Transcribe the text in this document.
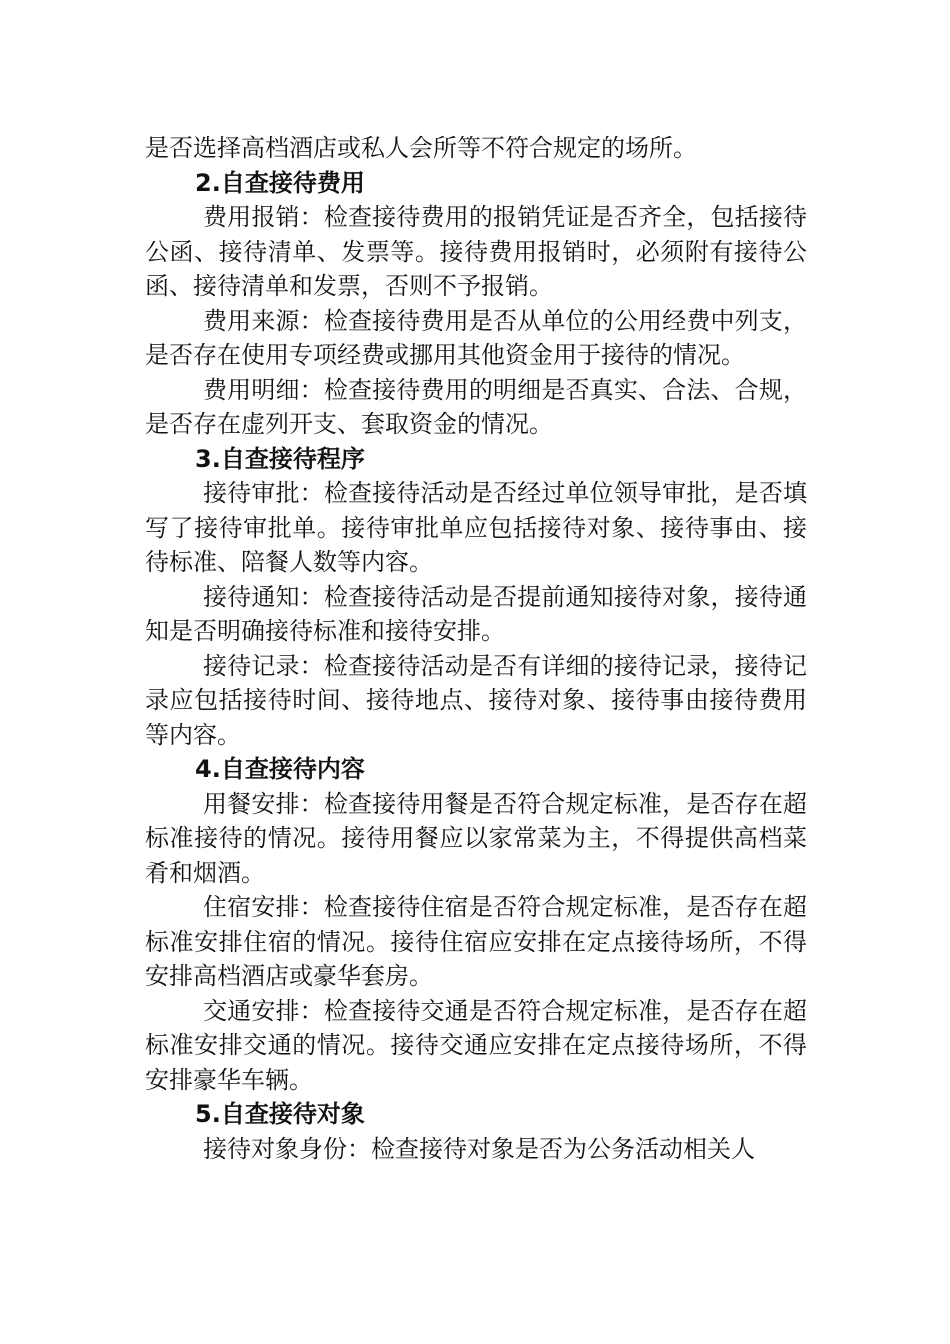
是否选择高档酒店或私人会所等不符合规定的场所。

2.自查接待费用

费用报销：检查接待费用的报销凭证是否齐全，包括接待公函、接待清单、发票等。接待费用报销时，必须附有接待公函、接待清单和发票，否则不予报销。

费用来源：检查接待费用是否从单位的公用经费中列支，是否存在使用专项经费或挪用其他资金用于接待的情况。

费用明细：检查接待费用的明细是否真实、合法、合规，是否存在虚列开支、套取资金的情况。

3.自查接待程序

接待审批：检查接待活动是否经过单位领导审批，是否填写了接待审批单。接待审批单应包括接待对象、接待事由、接待标准、陪餐人数等内容。

接待通知：检查接待活动是否提前通知接待对象，接待通知是否明确接待标准和接待安排。

接待记录：检查接待活动是否有详细的接待记录，接待记录应包括接待时间、接待地点、接待对象、接待事由接待费用等内容。

4.自查接待内容

用餐安排：检查接待用餐是否符合规定标准，是否存在超标准接待的情况。接待用餐应以家常菜为主，不得提供高档菜肴和烟酒。

住宿安排：检查接待住宿是否符合规定标准，是否存在超标准安排住宿的情况。接待住宿应安排在定点接待场所，不得安排高档酒店或豪华套房。

交通安排：检查接待交通是否符合规定标准，是否存在超标准安排交通的情况。接待交通应安排在定点接待场所，不得安排豪华车辆。

5.自查接待对象

接待对象身份：检查接待对象是否为公务活动相关人
